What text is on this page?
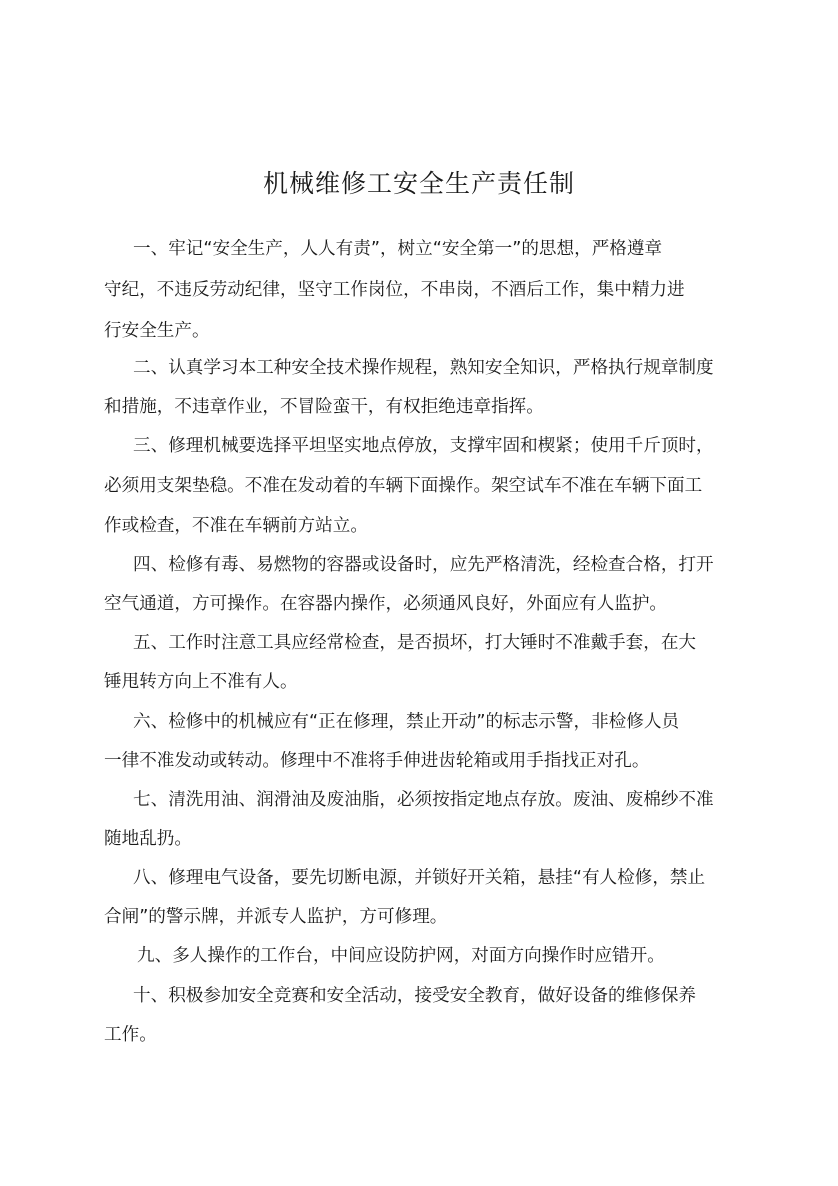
机械维修工安全生产责任制

一、牢记“安全生产，人人有责”，树立“安全第一”的思想，严格遵章

守纪，不违反劳动纪律，坚守工作岗位，不串岗，不酒后工作，集中精力进

行安全生产。

二、认真学习本工种安全技术操作规程，熟知安全知识，严格执行规章制度

和措施，不违章作业，不冒险蛮干，有权拒绝违章指挥。

三、修理机械要选择平坦坚实地点停放，支撑牢固和楔紧；使用千斤顶时，

必须用支架垫稳。不准在发动着的车辆下面操作。架空试车不准在车辆下面工

作或检查，不准在车辆前方站立。

四、检修有毒、易燃物的容器或设备时，应先严格清洗，经检查合格，打开

空气通道，方可操作。在容器内操作，必须通风良好，外面应有人监护。

五、工作时注意工具应经常检查，是否损坏，打大锤时不准戴手套，在大

锤甩转方向上不准有人。

六、检修中的机械应有“正在修理，禁止开动”的标志示警，非检修人员

一律不准发动或转动。修理中不准将手伸进齿轮箱或用手指找正对孔。

七、清洗用油、润滑油及废油脂，必须按指定地点存放。废油、废棉纱不准

随地乱扔。

八、修理电气设备，要先切断电源，并锁好开关箱，悬挂“有人检修，禁止

合闸”的警示牌，并派专人监护，方可修理。

九、多人操作的工作台，中间应设防护网，对面方向操作时应错开。

十、积极参加安全竞赛和安全活动，接受安全教育，做好设备的维修保养

工作。
